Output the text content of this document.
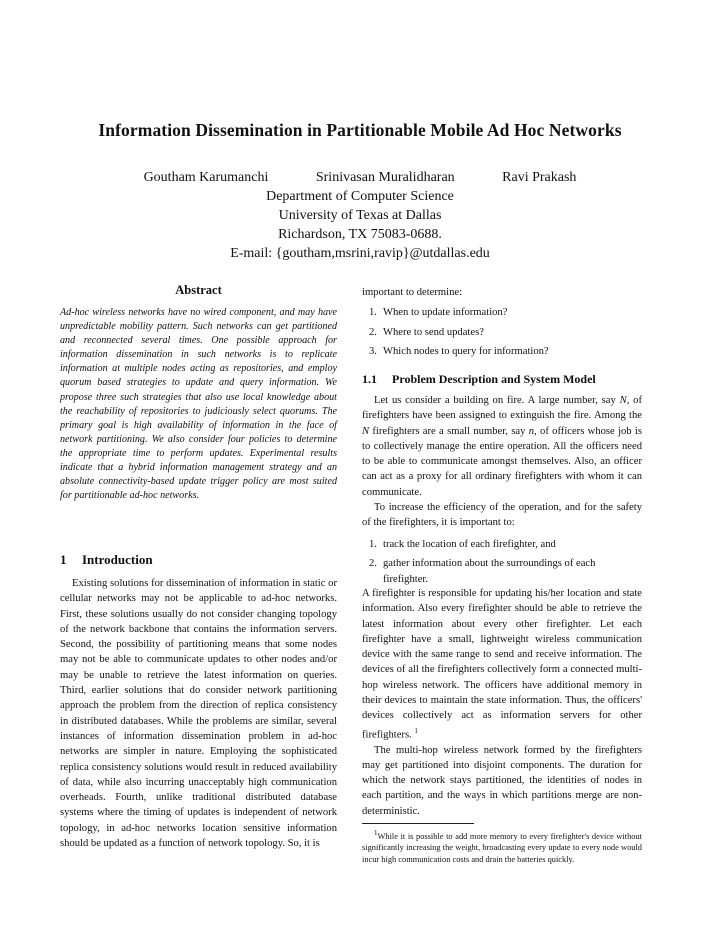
Information Dissemination in Partitionable Mobile Ad Hoc Networks
Goutham Karumanchi	Srinivasan Muralidharan	Ravi Prakash
Department of Computer Science
University of Texas at Dallas
Richardson, TX 75083-0688.
E-mail: {goutham,msrini,ravip}@utdallas.edu
Abstract

Ad-hoc wireless networks have no wired component, and may have unpredictable mobility pattern. Such networks can get partitioned and reconnected several times. One possible approach for information dissemination in such networks is to replicate information at multiple nodes acting as repositories, and employ quorum based strategies to update and query information. We propose three such strategies that also use local knowledge about the reachability of repositories to judiciously select quorums. The primary goal is high availability of information in the face of network partitioning. We also consider four policies to determine the appropriate time to perform updates. Experimental results indicate that a hybrid information management strategy and an absolute connectivity-based update trigger policy are most suited for partitionable ad-hoc networks.

1 Introduction

Existing solutions for dissemination of information in static or cellular networks may not be applicable to ad-hoc networks. First, these solutions usually do not consider changing topology of the network backbone that contains the information servers. Second, the possibility of partitioning means that some nodes may not be able to communicate updates to other nodes and/or may be unable to retrieve the latest information on queries. Third, earlier solutions that do consider network partitioning approach the problem from the direction of replica consistency in distributed databases. While the problems are similar, several instances of information dissemination problem in ad-hoc networks are simpler in nature. Employing the sophisticated replica consistency solutions would result in reduced availability of data, while also incurring unacceptably high communication overheads. Fourth, unlike traditional distributed database systems where the timing of updates is independent of network topology, in ad-hoc networks location sensitive information should be updated as a function of network topology. So, it is

important to determine:

1. When to update information?
2. Where to send updates?
3. Which nodes to query for information?
1.1 Problem Description and System Model

Let us consider a building on fire. A large number, say N, of firefighters have been assigned to extinguish the fire. Among the N firefighters are a small number, say n, of officers whose job is to collectively manage the entire operation. All the officers need to be able to communicate amongst themselves. Also, an officer can act as a proxy for all ordinary firefighters with whom it can communicate.

To increase the efficiency of the operation, and for the safety of the firefighters, it is important to:

1. track the location of each firefighter, and
2. gather information about the surroundings of each firefighter.

A firefighter is responsible for updating his/her location and state information. Also every firefighter should be able to retrieve the latest information about every other firefighter. Let each firefighter have a small, lightweight wireless communication device with the same range to send and receive information. The devices of all the firefighters collectively form a connected multi-hop wireless network. The officers have additional memory in their devices to maintain the state information. Thus, the officers' devices collectively act as information servers for other firefighters. $^1$

The multi-hop wireless network formed by the firefighters may get partitioned into disjoint components. The duration for which the network stays partitioned, the identities of nodes in each partition, and the ways in which partitions merge are non-deterministic.

$^1$While it is possible to add more memory to every firefighter's device without significantly increasing the weight, broadcasting every update to every node would incur high communication costs and drain the batteries quickly.
